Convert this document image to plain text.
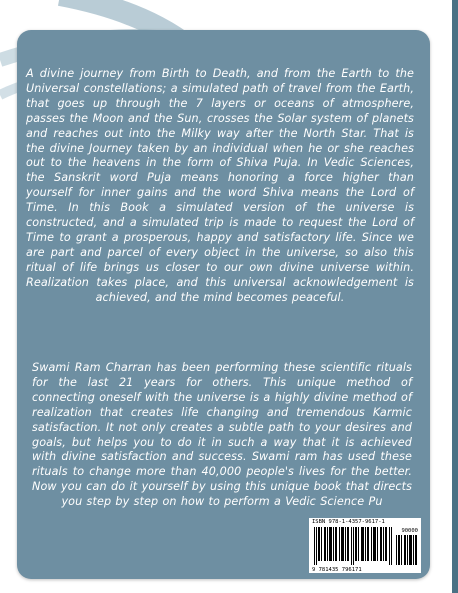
A divine journey from Birth to Death, and from the Earth to the Universal constellations; a simulated path of travel from the Earth, that goes up through the 7 layers or oceans of atmosphere, passes the Moon and the Sun, crosses the Solar system of planets and reaches out into the Milky way after the North Star. That is the divine Journey taken by an individual when he or she reaches out to the heavens in the form of Shiva Puja. In Vedic Sciences, the Sanskrit word Puja means honoring a force higher than yourself for inner gains and the word Shiva means the Lord of Time. In this Book a simulated version of the universe is constructed, and a simulated trip is made to request the Lord of Time to grant a prosperous, happy and satisfactory life. Since we are part and parcel of every object in the universe, so also this ritual of life brings us closer to our own divine universe within. Realization takes place, and this universal acknowledgement is achieved, and the mind becomes peaceful.

Swami Ram Charran has been performing these scientific rituals for the last 21 years for others. This unique method of connecting oneself with the universe is a highly divine method of realization that creates life changing and tremendous Karmic satisfaction. It not only creates a subtle path to your desires and goals, but helps you to do it in such a way that it is achieved with divine satisfaction and success. Swami ram has used these rituals to change more than 40,000 people's lives for the better. Now you can do it yourself by using this unique book that directs you step by step on how to perform a Vedic Science Pu

ISBN 978-1-4357-9617-1
90000
9 781435 796171
